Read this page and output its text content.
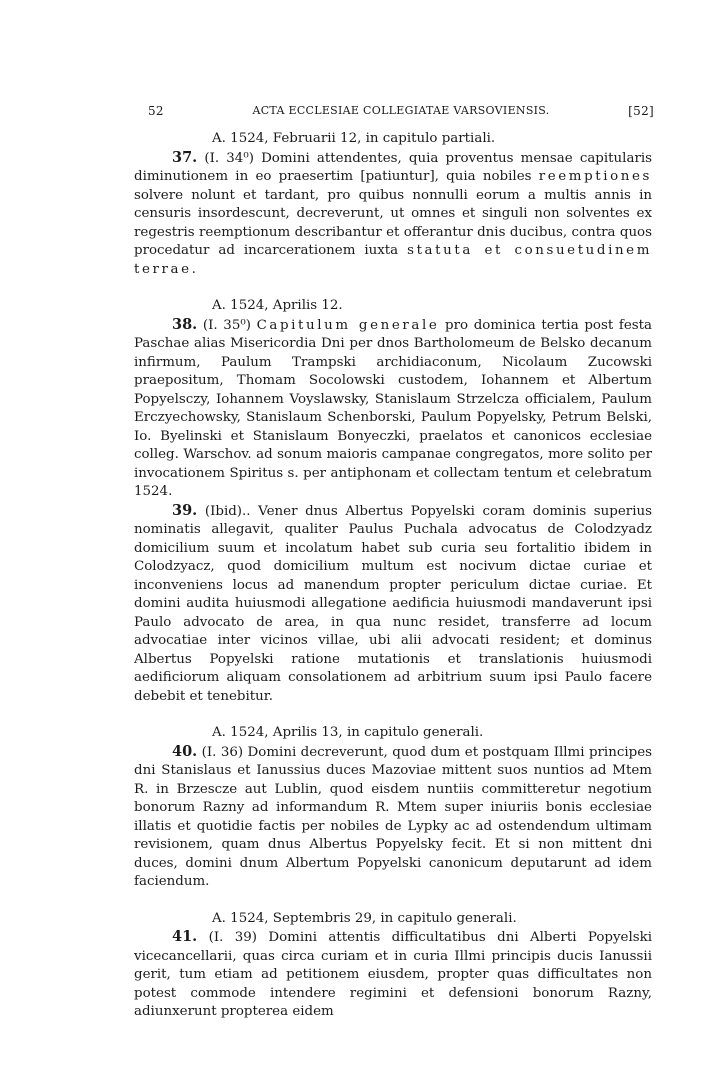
52	ACTA ECCLESIAE COLLEGIATAE VARSOVIENSIS.	[52]
A. 1524, Februarii 12, in capitulo partiali.

37. (I. 34⁰) Domini attendentes, quia proventus mensae capitularis diminutionem in eo praesertim [patiuntur], quia nobiles reemptiones solvere nolunt et tardant, pro quibus nonnulli eorum a multis annis in censuris insordescunt, decreverunt, ut omnes et singuli non solventes ex regestris reemptionum describantur et offerantur dnis ducibus, contra quos procedatur ad incarcerationem iuxta statuta et consuetudinem terrae.

A. 1524, Aprilis 12.

38. (I. 35⁰) Capitulum generale pro dominica tertia post festa Paschae alias Misericordia Dni per dnos Bartholomeum de Belsko decanum infirmum, Paulum Trampski archidiaconum, Nicolaum Zucowski praepositum, Thomam Socolowski custodem, Iohannem et Albertum Popyelsczy, Iohannem Voyslawsky, Stanislaum Strzelcza officialem, Paulum Erczyechowsky, Stanislaum Schenborski, Paulum Popyelsky, Petrum Belski, Io. Byelinski et Stanislaum Bonyeczki, praelatos et canonicos ecclesiae colleg. Warschov. ad sonum maioris campanae congregatos, more solito per invocationem Spiritus s. per antiphonam et collectam tentum et celebratum 1524.

39. (Ibid).. Vener dnus Albertus Popyelski coram dominis superius nominatis allegavit, qualiter Paulus Puchala advocatus de Colodzyadz domicilium suum et incolatum habet sub curia seu fortalitio ibidem in Colodzyacz, quod domicilium multum est nocivum dictae curiae et inconveniens locus ad manendum propter periculum dictae curiae. Et domini audita huiusmodi allegatione aedificia huiusmodi mandaverunt ipsi Paulo advocato de area, in qua nunc residet, transferre ad locum advocatiae inter vicinos villae, ubi alii advocati resident; et dominus Albertus Popyelski ratione mutationis et translationis huiusmodi aedificiorum aliquam consolationem ad arbitrium suum ipsi Paulo facere debebit et tenebitur.

A. 1524, Aprilis 13, in capitulo generali.

40. (I. 36) Domini decreverunt, quod dum et postquam Illmi principes dni Stanislaus et Ianussius duces Mazoviae mittent suos nuntios ad Mtem R. in Brzescze aut Lublin, quod eisdem nuntiis committeretur negotium bonorum Razny ad informandum R. Mtem super iniuriis bonis ecclesiae illatis et quotidie factis per nobiles de Lypky ac ad ostendendum ultimam revisionem, quam dnus Albertus Popyelsky fecit. Et si non mittent dni duces, domini dnum Albertum Popyelski canonicum deputarunt ad idem faciendum.

A. 1524, Septembris 29, in capitulo generali.

41. (I. 39) Domini attentis difficultatibus dni Alberti Popyelski vicecancellarii, quas circa curiam et in curia Illmi principis ducis Ianussii gerit, tum etiam ad petitionem eiusdem, propter quas difficultates non potest commode intendere regimini et defensioni bonorum Razny, adiunxerunt propterea eidem
